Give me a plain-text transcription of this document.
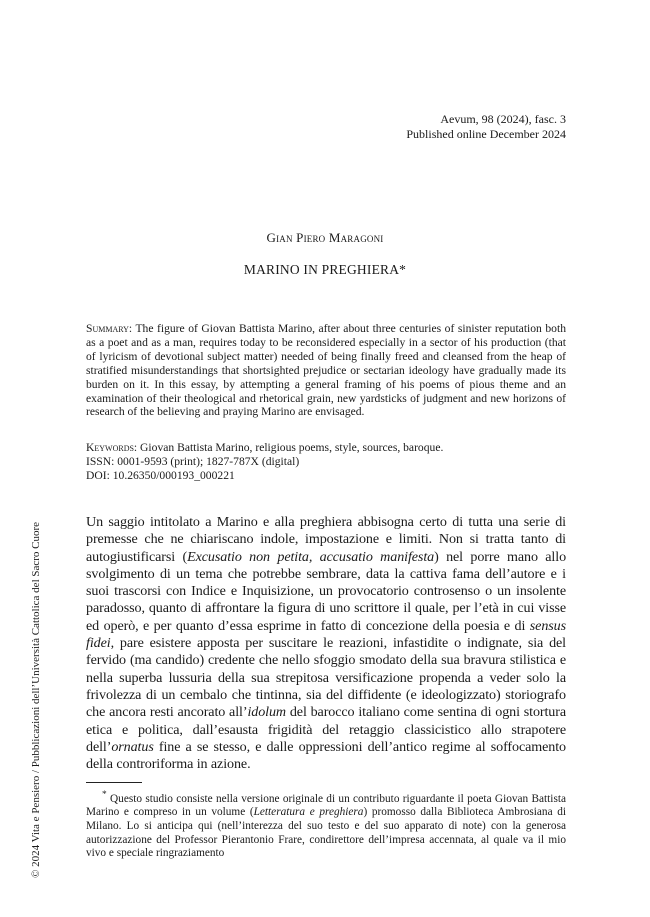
Aevum, 98 (2024), fasc. 3
Published online December 2024
Gian Piero Maragoni
MARINO IN PREGHIERA*
Summary: The figure of Giovan Battista Marino, after about three centuries of sinister reputation both as a poet and as a man, requires today to be reconsidered especially in a sector of his production (that of lyricism of devotional subject matter) needed of being finally freed and cleansed from the heap of stratified misunderstandings that shortsighted prejudice or sectarian ideology have gradually made its burden on it. In this essay, by attempting a general framing of his poems of pious theme and an examination of their theological and rhetorical grain, new yardsticks of judgment and new horizons of research of the believing and praying Marino are envisaged.
Keywords: Giovan Battista Marino, religious poems, style, sources, baroque.
ISSN: 0001-9593 (print); 1827-787X (digital)
DOI: 10.26350/000193_000221
Un saggio intitolato a Marino e alla preghiera abbisogna certo di tutta una serie di premesse che ne chiariscano indole, impostazione e limiti. Non si tratta tanto di autogiustificarsi (Excusatio non petita, accusatio manifesta) nel porre mano allo svolgimento di un tema che potrebbe sembrare, data la cattiva fama dell’autore e i suoi trascorsi con Indice e Inquisizione, un provocatorio controsenso o un insolente paradosso, quanto di affrontare la figura di uno scrittore il quale, per l’età in cui visse ed operò, e per quanto d’essa esprime in fatto di concezione della poesia e di sensus fidei, pare esistere apposta per suscitare le reazioni, infastidite o indignate, sia del fervido (ma candido) credente che nello sfoggio smodato della sua bravura stilistica e nella superba lussuria della sua strepitosa versificazione propenda a veder solo la frivolezza di un cembalo che tintinna, sia del diffidente (e ideologizzato) storiografo che ancora resti ancorato all’idolum del barocco italiano come sentina di ogni stortura etica e politica, dall’esausta frigidità del retaggio classicistico allo strapotere dell’ornatus fine a se stesso, e dalle oppressioni dell’antico regime al soffocamento della controriforma in azione.
* Questo studio consiste nella versione originale di un contributo riguardante il poeta Giovan Battista Marino e compreso in un volume (Letteratura e preghiera) promosso dalla Biblioteca Ambrosiana di Milano. Lo si anticipa qui (nell’interezza del suo testo e del suo apparato di note) con la generosa autorizzazione del Professor Pierantonio Frare, condirettore dell’impresa accennata, al quale va il mio vivo e speciale ringraziamento
© 2024 Vita e Pensiero / Pubblicazioni dell’Università Cattolica del Sacro Cuore
